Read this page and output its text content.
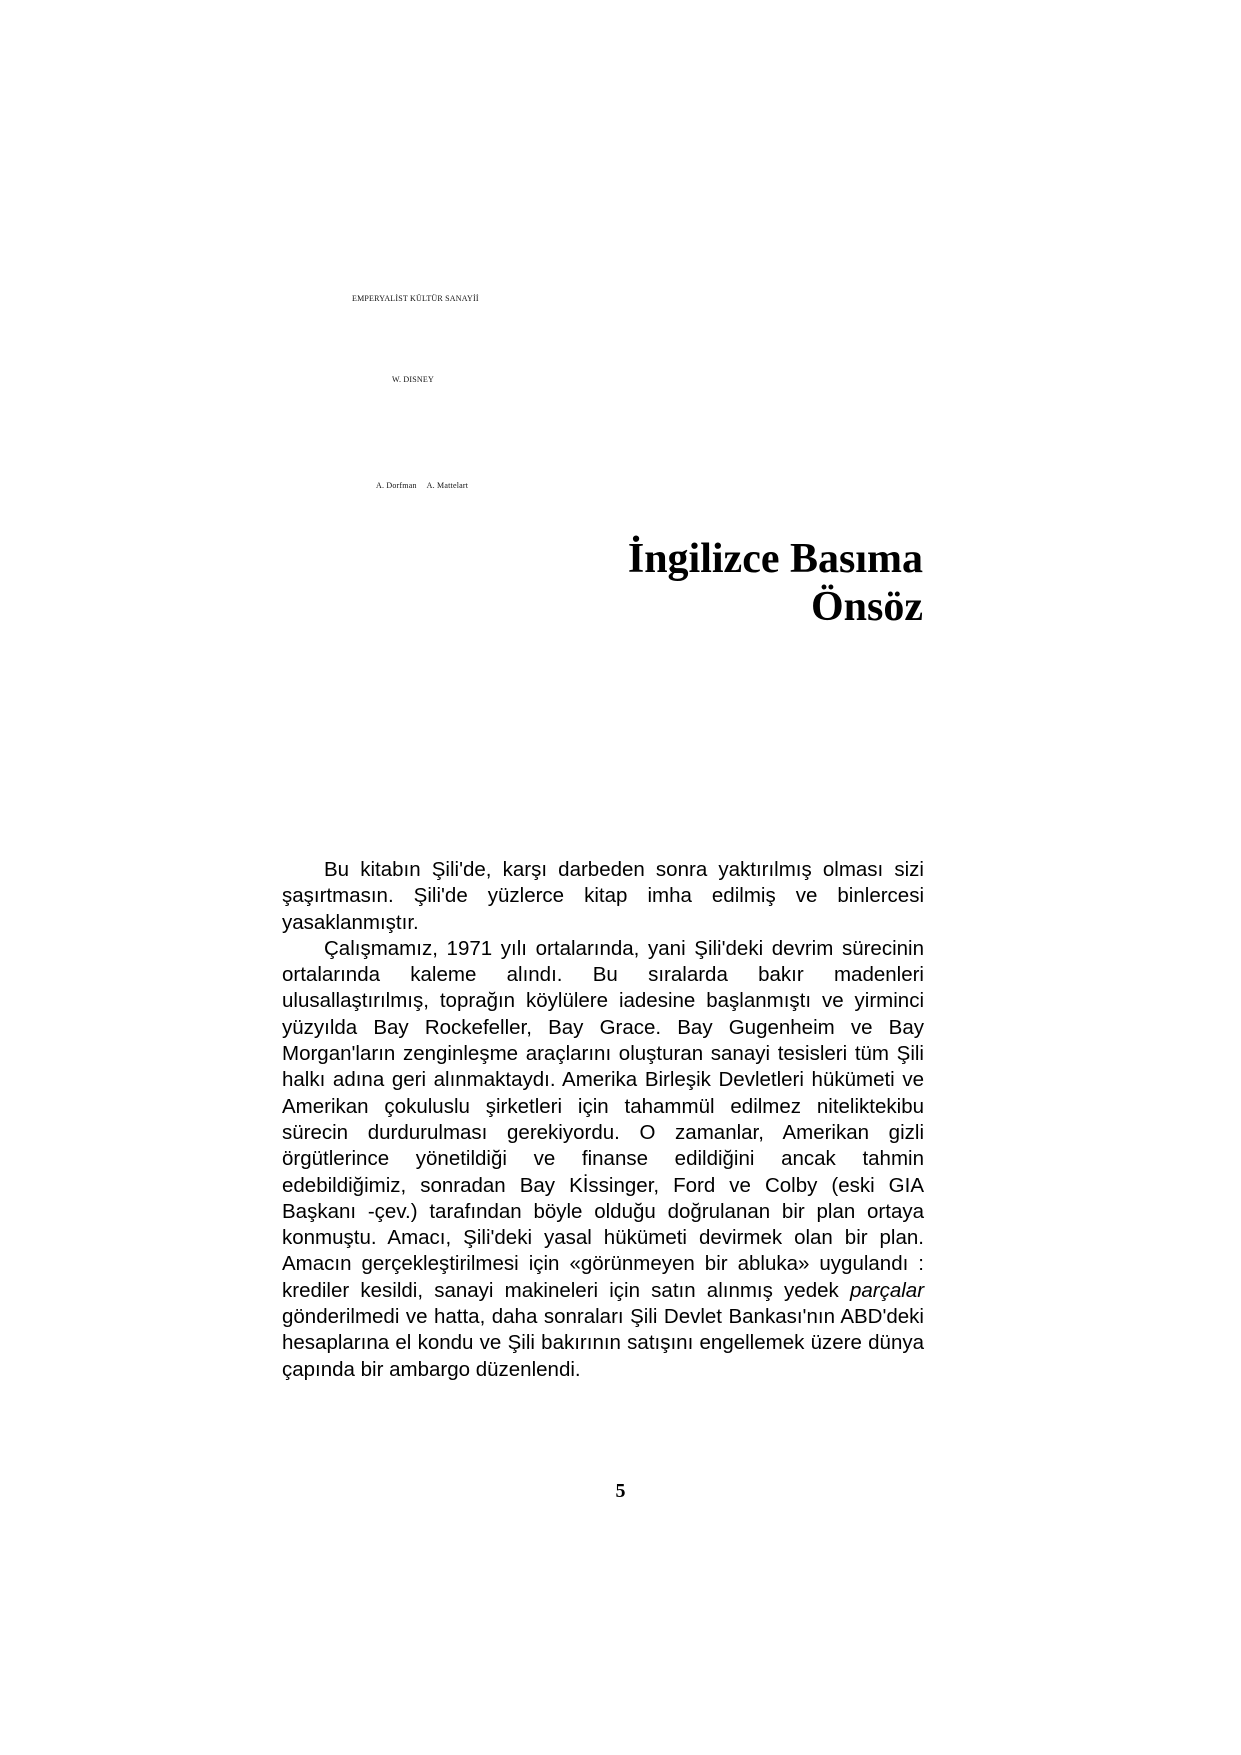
EMPERYALİST KÜLTÜR SANAYİİ
W. DISNEY
A. Dorfman A. Mattelart
İngilizce Basıma
Önsöz

Bu kitabın Şili'de, karşı darbeden sonra yaktırılmış olması sizi şaşırtmasın. Şili'de yüzlerce kitap imha edilmiş ve binlercesi yasaklanmıştır.

Çalışmamız, 1971 yılı ortalarında, yani Şili'deki devrim sürecinin ortalarında kaleme alındı. Bu sıralarda bakır madenleri ulusallaştırılmış, toprağın köylülere iadesine başlanmıştı ve yirminci yüzyılda Bay Rockefeller, Bay Grace. Bay Gugenheim ve Bay Morgan'ların zenginleşme araçlarını oluşturan sanayi tesisleri tüm Şili halkı adına geri alınmaktaydı. Amerika Birleşik Devletleri hükümeti ve Amerikan çokuluslu şirketleri için tahammül edilmez niteliktekibu sürecin durdurulması gerekiyordu. O zamanlar, Amerikan gizli örgütlerince yönetildiği ve finanse edildiğini ancak tahmin edebildiğimiz, sonradan Bay Kİssinger, Ford ve Colby (eski GIA Başkanı -çev.) tarafından böyle olduğu doğrulanan bir plan ortaya konmuştu. Amacı, Şili'deki yasal hükümeti devirmek olan bir plan. Amacın gerçekleştirilmesi için «görünmeyen bir abluka» uygulandı : krediler kesildi, sanayi makineleri için satın alınmış yedek parçalar gönderilmedi ve hatta, daha sonraları Şili Devlet Bankası'nın ABD'deki hesaplarına el kondu ve Şili bakırının satışını engellemek üzere dünya çapında bir ambargo düzenlendi.

5
